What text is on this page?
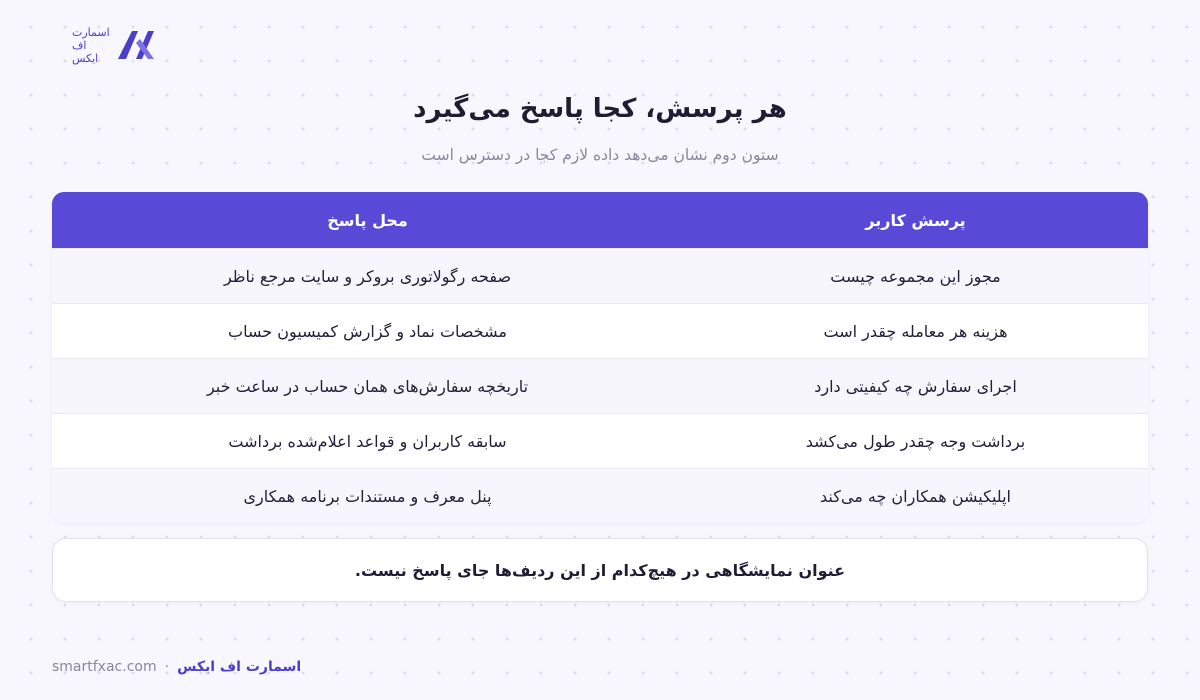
اسمارت
اف
ایکس
هر پرسش، کجا پاسخ می‌گیرد
ستون دوم نشان می‌دهد داده لازم کجا در دسترس است
پرسش کاربر
محل پاسخ
مجوز این مجموعه چیست
صفحه رگولاتوری بروکر و سایت مرجع ناظر
هزینه هر معامله چقدر است
مشخصات نماد و گزارش کمیسیون حساب
اجرای سفارش چه کیفیتی دارد
تاریخچه سفارش‌های همان حساب در ساعت خبر
برداشت وجه چقدر طول می‌کشد
سابقه کاربران و قواعد اعلام‌شده برداشت
اپلیکیشن همکاران چه می‌کند
پنل معرف و مستندات برنامه همکاری
عنوان نمایشگاهی در هیچ‌کدام از این ردیف‌ها جای پاسخ نیست.
smartfxac.com · اسمارت اف ایکس
